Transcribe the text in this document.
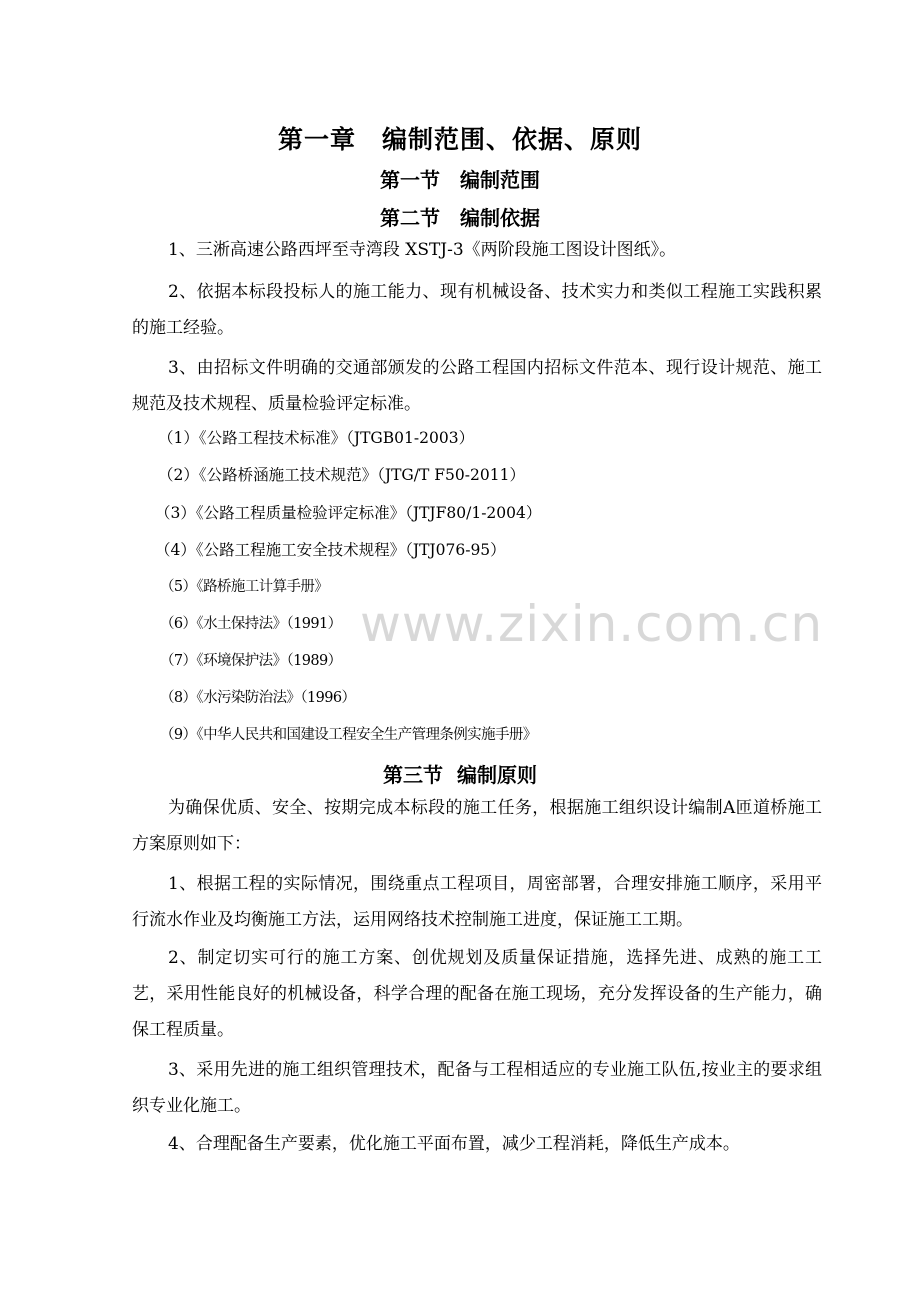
第一章　编制范围、依据、原则
第一节　编制范围
第二节　编制依据
1、三淅高速公路西坪至寺湾段 XSTJ-3《两阶段施工图设计图纸》。
2、依据本标段投标人的施工能力、现有机械设备、技术实力和类似工程施工实践积累的施工经验。
3、由招标文件明确的交通部颁发的公路工程国内招标文件范本、现行设计规范、施工规范及技术规程、质量检验评定标准。
（1）《公路工程技术标准》（JTGB01-2003）
（2）《公路桥涵施工技术规范》（JTG/T F50-2011）
（3）《公路工程质量检验评定标准》（JTJF80/1-2004）
（4）《公路工程施工安全技术规程》（JTJ076-95）
（5）《路桥施工计算手册》
（6）《水土保持法》（1991）
（7）《环境保护法》（1989）
（8）《水污染防治法》（1996）
（9）《中华人民共和国建设工程安全生产管理条例实施手册》
第三节  编制原则
为确保优质、安全、按期完成本标段的施工任务，根据施工组织设计编制A匝道桥施工方案原则如下：
1、根据工程的实际情况，围绕重点工程项目，周密部署，合理安排施工顺序，采用平行流水作业及均衡施工方法，运用网络技术控制施工进度，保证施工工期。
2、制定切实可行的施工方案、创优规划及质量保证措施，选择先进、成熟的施工工艺，采用性能良好的机械设备，科学合理的配备在施工现场，充分发挥设备的生产能力，确保工程质量。
3、采用先进的施工组织管理技术，配备与工程相适应的专业施工队伍,按业主的要求组织专业化施工。
4、合理配备生产要素，优化施工平面布置，减少工程消耗，降低生产成本。
www.zixin.com.cn
